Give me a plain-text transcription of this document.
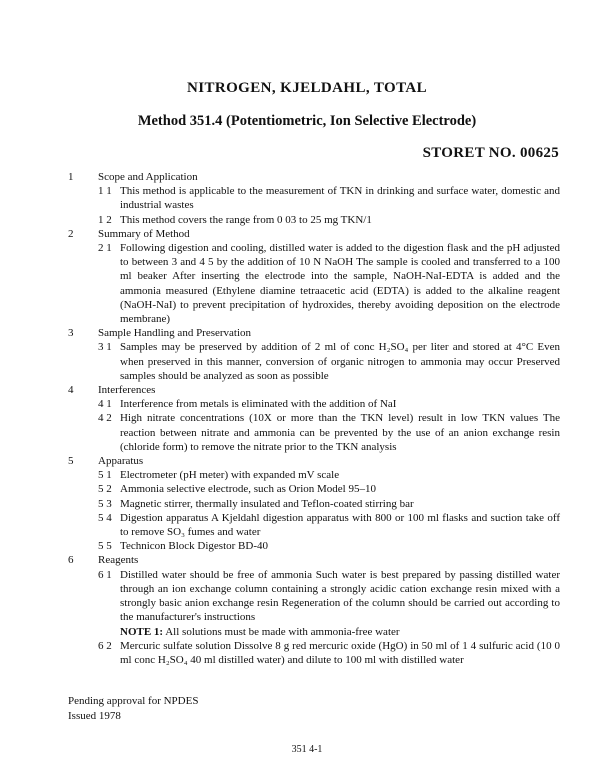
NITROGEN, KJELDAHL, TOTAL
Method 351.4 (Potentiometric, Ion Selective Electrode)
STORET NO. 00625
1	Scope and Application
1 1 This method is applicable to the measurement of TKN in drinking and surface water, domestic and industrial wastes
1 2 This method covers the range from 0 03 to 25 mg TKN/1
2	Summary of Method
2 1 Following digestion and cooling, distilled water is added to the digestion flask and the pH adjusted to between 3 and 4 5 by the addition of 10 N NaOH The sample is cooled and transferred to a 100 ml beaker After inserting the electrode into the sample, NaOH-NaI-EDTA is added and the ammonia measured (Ethylene diamine tetraacetic acid (EDTA) is added to the alkaline reagent (NaOH-NaI) to prevent precipitation of hydroxides, thereby avoiding deposition on the electrode membrane)
3	Sample Handling and Preservation
3 1 Samples may be preserved by addition of 2 ml of conc H₂SO₄ per liter and stored at 4°C Even when preserved in this manner, conversion of organic nitrogen to ammonia may occur Preserved samples should be analyzed as soon as possible
4	Interferences
4 1 Interference from metals is eliminated with the addition of NaI
4 2 High nitrate concentrations (10X or more than the TKN level) result in low TKN values The reaction between nitrate and ammonia can be prevented by the use of an anion exchange resin (chloride form) to remove the nitrate prior to the TKN analysis
5	Apparatus
5 1 Electrometer (pH meter) with expanded mV scale
5 2 Ammonia selective electrode, such as Orion Model 95–10
5 3 Magnetic stirrer, thermally insulated and Teflon-coated stirring bar
5 4 Digestion apparatus A Kjeldahl digestion apparatus with 800 or 100 ml flasks and suction take off to remove SO₃ fumes and water
5 5 Technicon Block Digestor BD-40
6	Reagents
6 1 Distilled water should be free of ammonia Such water is best prepared by passing distilled water through an ion exchange column containing a strongly acidic cation exchange resin mixed with a strongly basic anion exchange resin Regeneration of the column should be carried out according to the manufacturer's instructions
NOTE 1: All solutions must be made with ammonia-free water
6 2 Mercuric sulfate solution Dissolve 8 g red mercuric oxide (HgO) in 50 ml of 1 4 sulfuric acid (10 0 ml conc H₂SO₄ 40 ml distilled water) and dilute to 100 ml with distilled water
Pending approval for NPDES
Issued 1978
351 4-1
